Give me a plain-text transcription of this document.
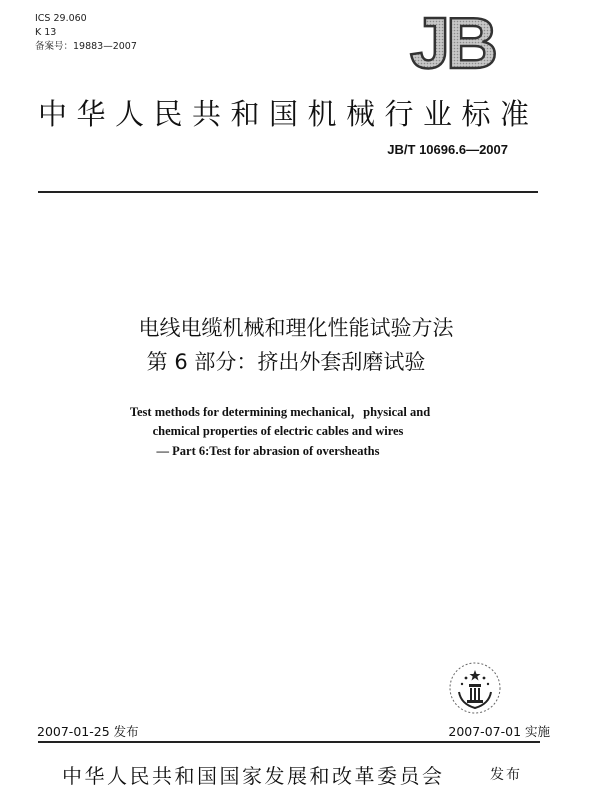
ICS 29.060
K 13
备案号：19883—2007	JB
中华人民共和国机械行业标准
JB/T 10696.6—2007
电线电缆机械和理化性能试验方法
第 6 部分：挤出外套刮磨试验
Test methods for determining mechanical，physical and
chemical properties of electric cables and wires
— Part 6:Test for abrasion of oversheaths
2007-01-25 发布	2007-07-01 实施
中华人民共和国国家发展和改革委员会	发布
